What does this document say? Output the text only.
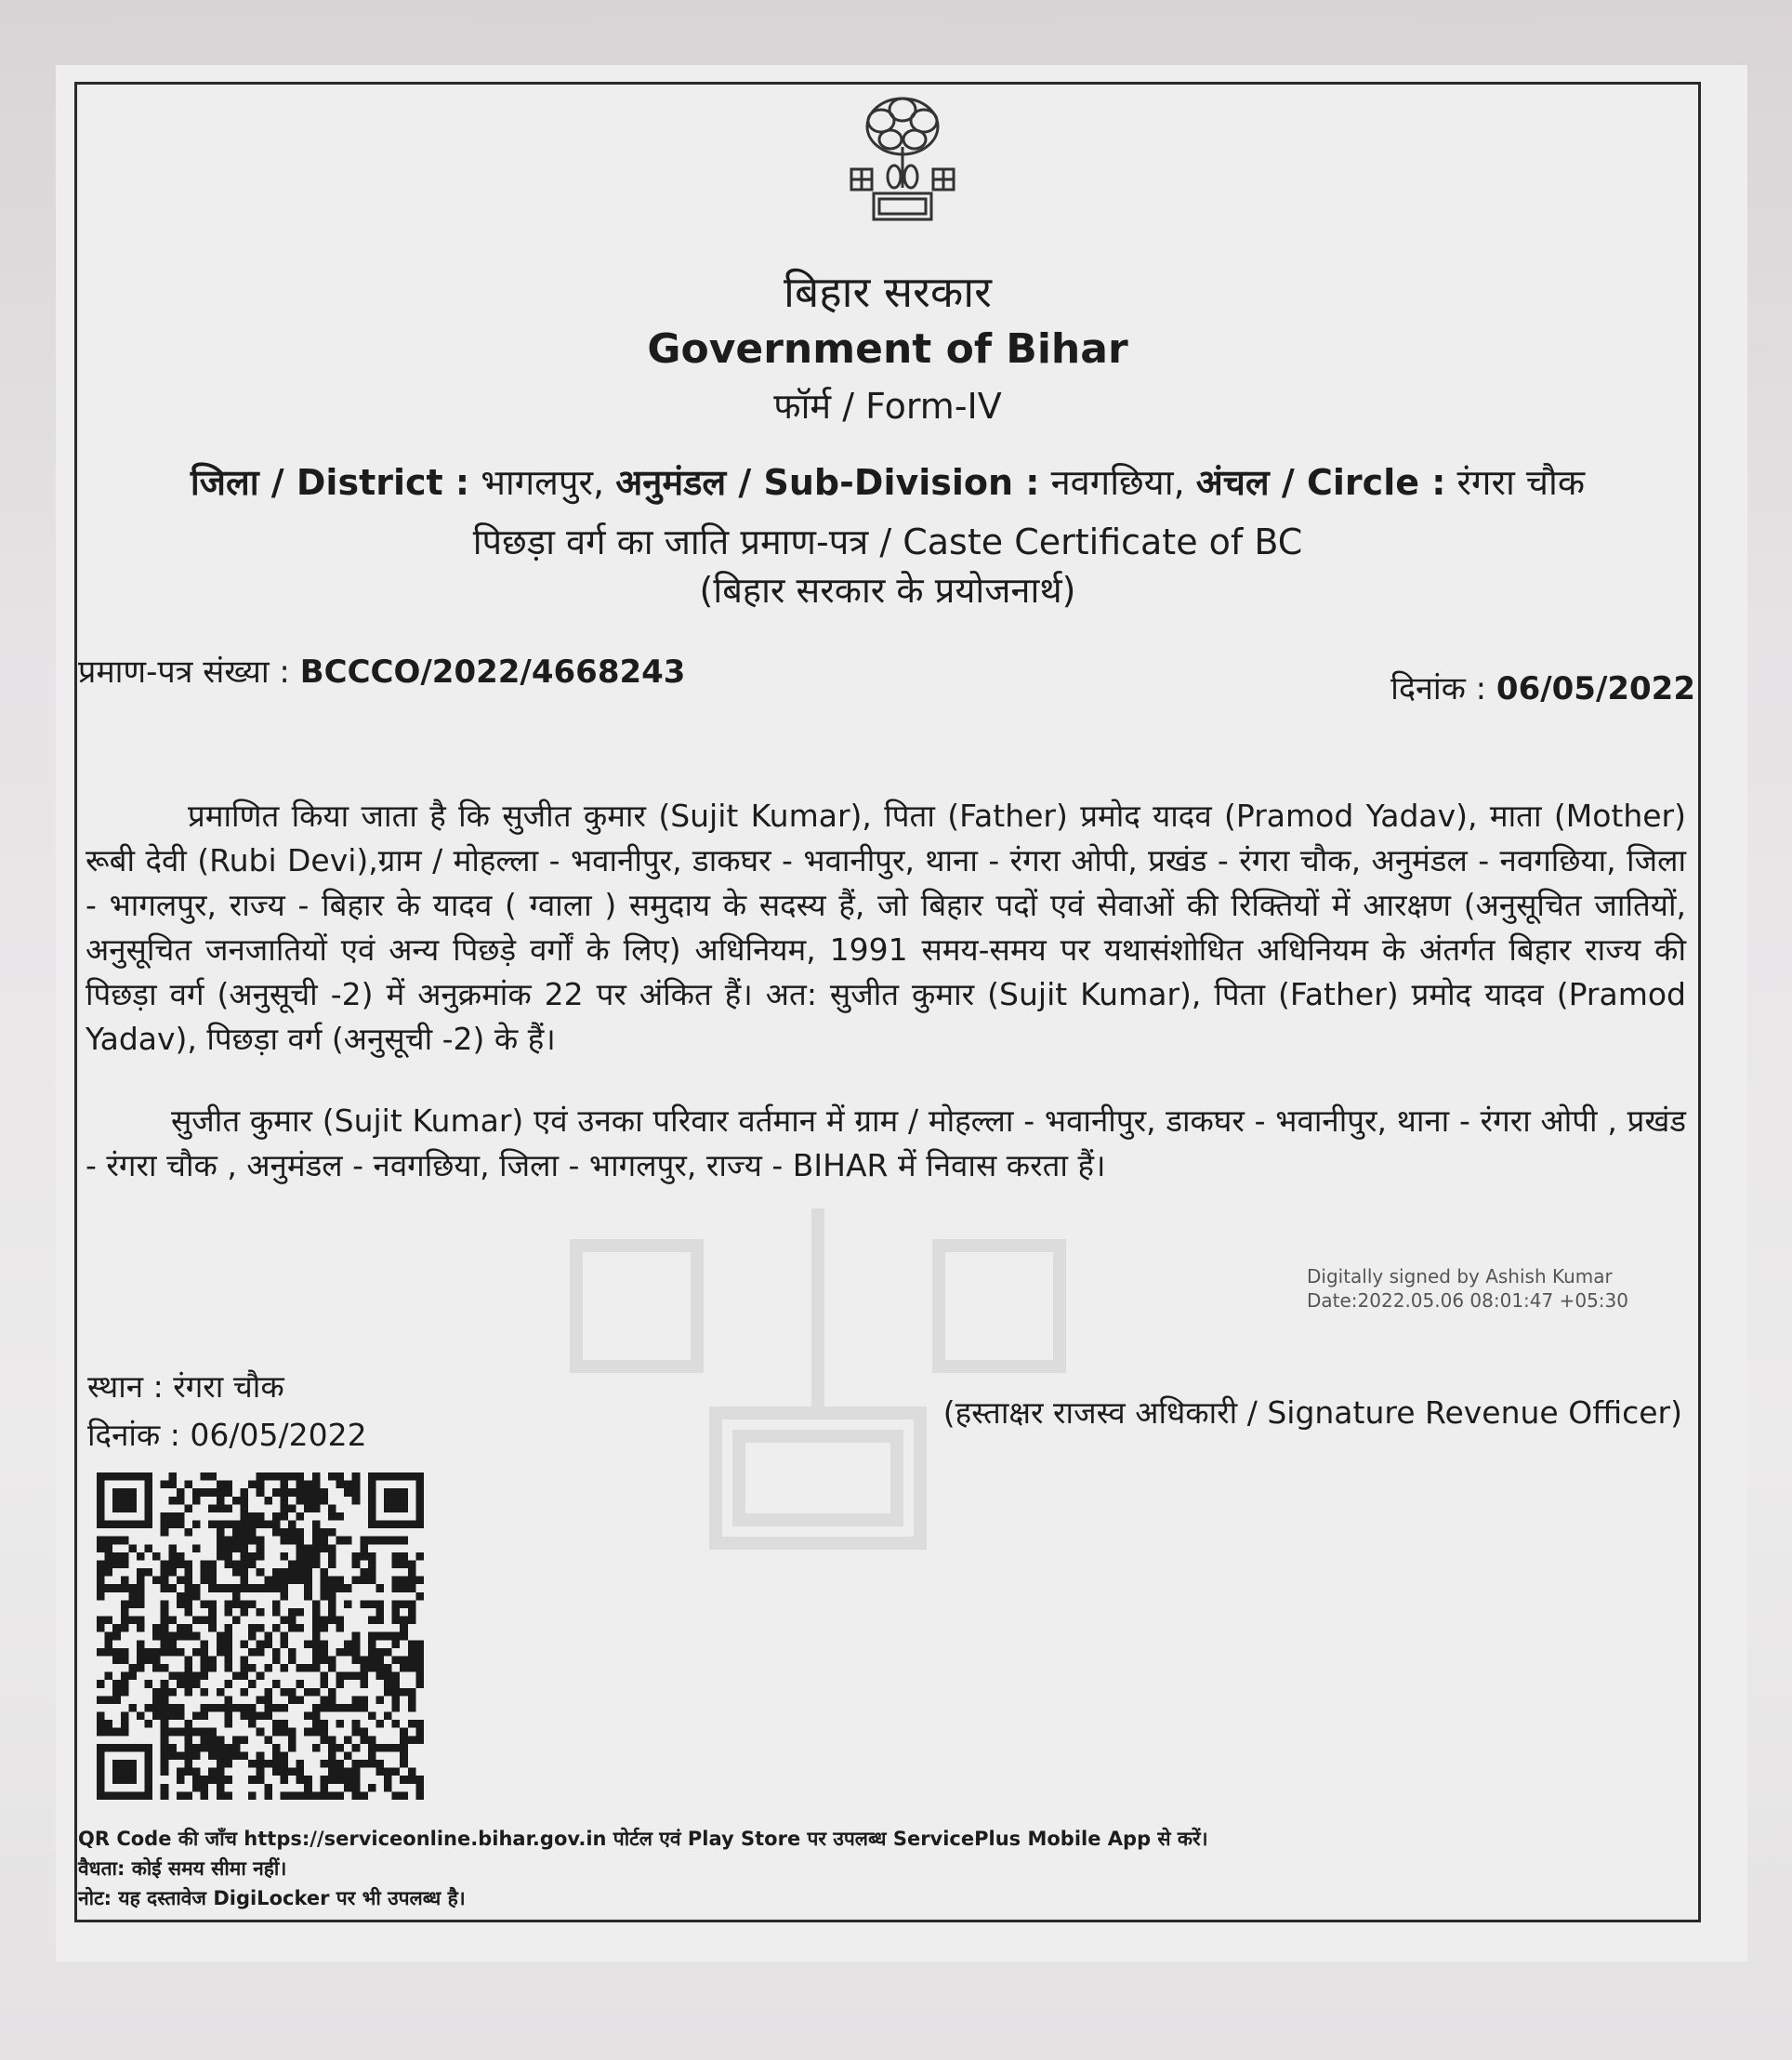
बिहार सरकार
Government of Bihar
फॉर्म / Form-IV
जिला / District : भागलपुर, अनुमंडल / Sub-Division : नवगछिया, अंचल / Circle : रंगरा चौक
पिछड़ा वर्ग का जाति प्रमाण-पत्र / Caste Certificate of BC
(बिहार सरकार के प्रयोजनार्थ)
प्रमाण-पत्र संख्या : BCCCO/2022/4668243	दिनांक : 06/05/2022
प्रमाणित किया जाता है कि सुजीत कुमार (Sujit Kumar), पिता (Father) प्रमोद यादव (Pramod Yadav), माता (Mother) रूबी देवी (Rubi Devi),ग्राम / मोहल्ला - भवानीपुर, डाकघर - भवानीपुर, थाना - रंगरा ओपी, प्रखंड - रंगरा चौक, अनुमंडल - नवगछिया, जिला - भागलपुर, राज्य - बिहार के यादव ( ग्वाला ) समुदाय के सदस्य हैं, जो बिहार पदों एवं सेवाओं की रिक्तियों में आरक्षण (अनुसूचित जातियों, अनुसूचित जनजातियों एवं अन्य पिछड़े वर्गों के लिए) अधिनियम, 1991 समय-समय पर यथासंशोधित अधिनियम के अंतर्गत बिहार राज्य की पिछड़ा वर्ग (अनुसूची -2) में अनुक्रमांक 22 पर अंकित हैं। अत: सुजीत कुमार (Sujit Kumar), पिता (Father) प्रमोद यादव (Pramod Yadav), पिछड़ा वर्ग (अनुसूची -2) के हैं।
सुजीत कुमार (Sujit Kumar) एवं उनका परिवार वर्तमान में ग्राम / मोहल्ला - भवानीपुर, डाकघर - भवानीपुर, थाना - रंगरा ओपी , प्रखंड - रंगरा चौक , अनुमंडल - नवगछिया, जिला - भागलपुर, राज्य - BIHAR में निवास करता हैं।
Digitally signed by Ashish Kumar
Date:2022.05.06 08:01:47 +05:30
स्थान : रंगरा चौक
दिनांक : 06/05/2022
(हस्ताक्षर राजस्व अधिकारी / Signature Revenue Officer)
QR Code की जाँच https://serviceonline.bihar.gov.in पोर्टल एवं Play Store पर उपलब्ध ServicePlus Mobile App से करें।
वैधता: कोई समय सीमा नहीं।
नोट: यह दस्तावेज DigiLocker पर भी उपलब्ध है।
